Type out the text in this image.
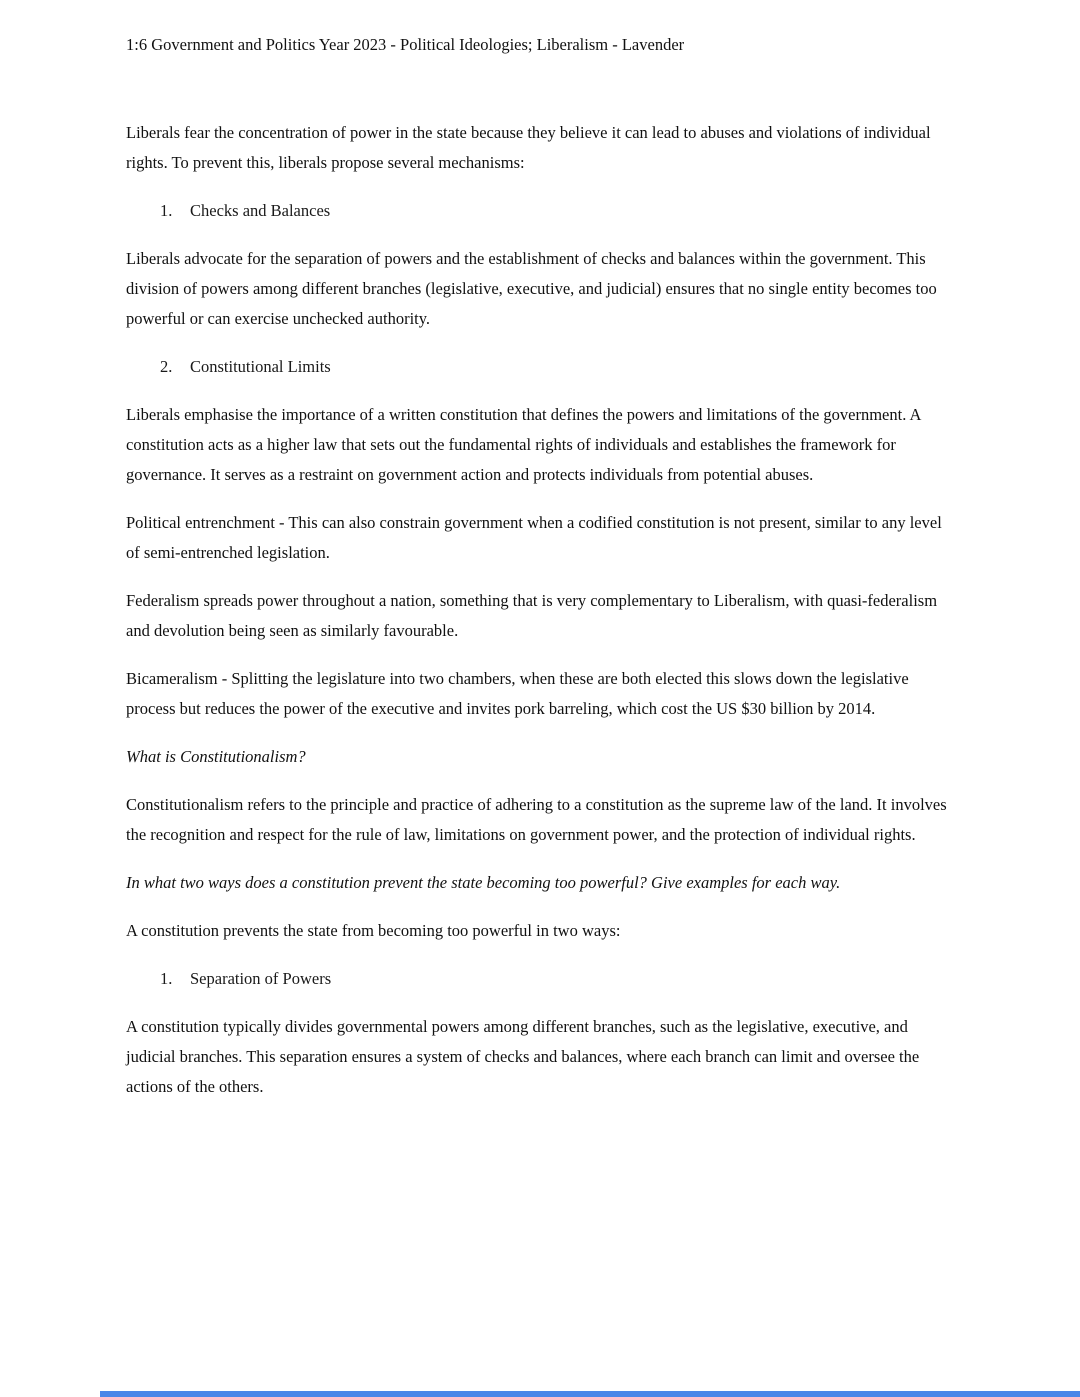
1:6 Government and Politics Year 2023 - Political Ideologies; Liberalism - Lavender

Liberals fear the concentration of power in the state because they believe it can lead to abuses and violations of individual rights. To prevent this, liberals propose several mechanisms:

1.	Checks and Balances

Liberals advocate for the separation of powers and the establishment of checks and balances within the government. This division of powers among different branches (legislative, executive, and judicial) ensures that no single entity becomes too powerful or can exercise unchecked authority.

2.	Constitutional Limits

Liberals emphasise the importance of a written constitution that defines the powers and limitations of the government. A constitution acts as a higher law that sets out the fundamental rights of individuals and establishes the framework for governance. It serves as a restraint on government action and protects individuals from potential abuses.

Political entrenchment - This can also constrain government when a codified constitution is not present, similar to any level of semi-entrenched legislation.

Federalism spreads power throughout a nation, something that is very complementary to Liberalism, with quasi-federalism and devolution being seen as similarly favourable.

Bicameralism - Splitting the legislature into two chambers, when these are both elected this slows down the legislative process but reduces the power of the executive and invites pork barreling, which cost the US $30 billion by 2014.

What is Constitutionalism?

Constitutionalism refers to the principle and practice of adhering to a constitution as the supreme law of the land. It involves the recognition and respect for the rule of law, limitations on government power, and the protection of individual rights.

In what two ways does a constitution prevent the state becoming too powerful? Give examples for each way.

A constitution prevents the state from becoming too powerful in two ways:

1.	Separation of Powers

A constitution typically divides governmental powers among different branches, such as the legislative, executive, and judicial branches. This separation ensures a system of checks and balances, where each branch can limit and oversee the actions of the others.
